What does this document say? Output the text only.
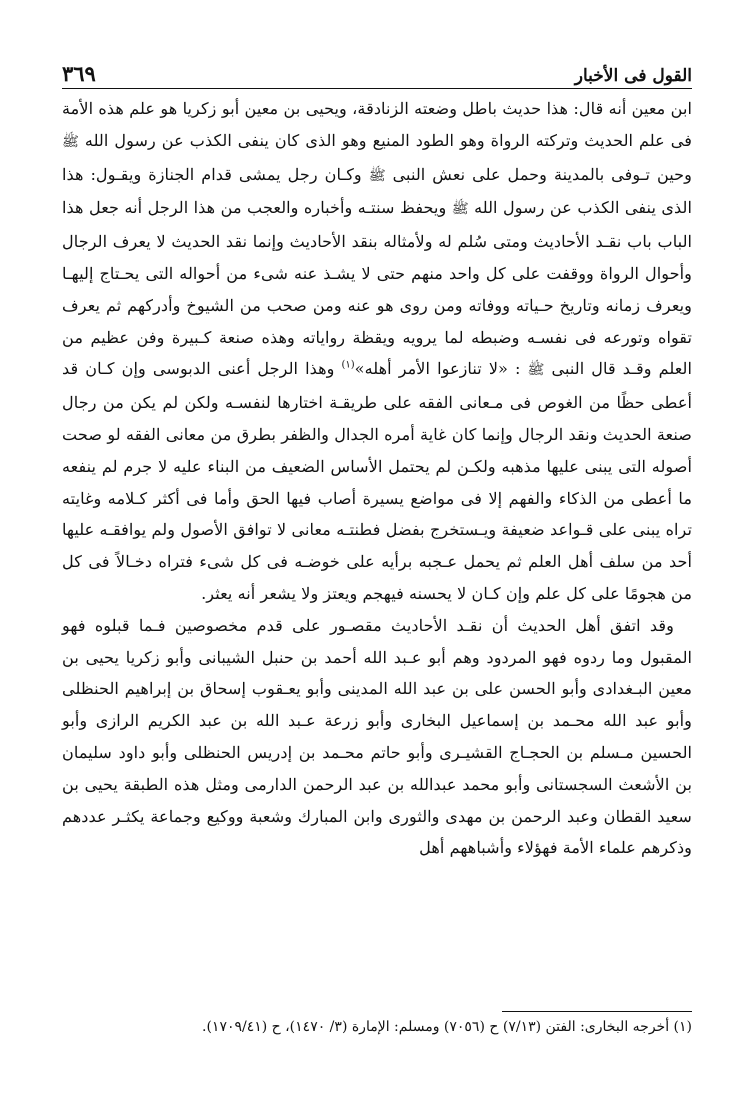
القول فى الأخبار
٣٦٩

ابن معين أنه قال: هذا حديث باطل وضعته الزنادقة، ويحيى بن معين أبو زكريا هو علم هذه الأمة فى علم الحديث وتركته الرواة وهو الطود المنيع وهو الذى كان ينفى الكذب عن رسول الله ﷺ وحين تـوفى بالمدينة وحمل على نعش النبى ﷺ وكـان رجل يمشى قدام الجنازة ويقـول: هذا الذى ينفى الكذب عن رسول الله ﷺ ويحفظ سنتـه وأخباره والعجب من هذا الرجل أنه جعل هذا الباب باب نقـد الأحاديث ومتى سُلم له ولأمثاله بنقد الأحاديث وإنما نقد الحديث لا يعرف الرجال وأحوال الرواة ووقفت على كل واحد منهم حتى لا يشـذ عنه شىء من أحواله التى يحـتاج إليهـا ويعرف زمانه وتاريخ حـياته ووفاته ومن روى هو عنه ومن صحب من الشيوخ وأدركهم ثم يعرف تقواه وتورعه فى نفسـه وضبطه لما يرويه ويقظة رواياته وهذه صنعة كـبيرة وفن عظيم من العلم وقـد قال النبى ﷺ : «لا تنازعوا الأمر أهله»$^{(١)}$ وهذا الرجل أعنى الدبوسى وإن كـان قد أعطى حظًا من الغوص فى مـعانى الفقه على طريقـة اختارها لنفسـه ولكن لم يكن من رجال صنعة الحديث ونقد الرجال وإنما كان غاية أمره الجدال والظفر بطرق من معانى الفقه لو صحت أصوله التى يبنى عليها مذهبه ولكـن لم يحتمل الأساس الضعيف من البناء عليه لا جرم لم ينفعه ما أعطى من الذكاء والفهم إلا فى مواضع يسيرة أصاب فيها الحق وأما فى أكثر كـلامه وغايته تراه يبنى على قـواعد ضعيفة ويـستخرج بفضل فطنتـه معانى لا توافق الأصول ولم يوافقـه عليها أحد من سلف أهل العلم ثم يحمل عـجبه برأيه على خوضـه فى كل شىء فتراه دخـالاً فى كل من هجومًا على كل علم وإن كـان لا يحسنه فيهجم ويعتز ولا يشعر أنه يعثر.

وقد اتفق أهل الحديث أن نقـد الأحاديث مقصـور على قدم مخصوصين فـما قبلوه فهو المقبول وما ردوه فهو المردود وهم أبو عـبد الله أحمد بن حنبل الشيبانى وأبو زكريا يحيى بن معين البـغدادى وأبو الحسن على بن عبد الله المدينى وأبو يعـقوب إسحاق بن إبراهيم الحنظلى وأبو عبد الله محـمد بن إسماعيل البخارى وأبو زرعة عـبد الله بن عبد الكريم الرازى وأبو الحسين مـسلم بن الحجـاج القشيـرى وأبو حاتم محـمد بن إدريس الحنظلى وأبو داود سليمان بن الأشعث السجستانى وأبو محمد عبدالله بن عبد الرحمن الدارمى ومثل هذه الطبقة يحيى بن سعيد القطان وعبد الرحمن بن مهدى والثورى وابن المبارك وشعبة ووكيع وجماعة يكثـر عددهم وذكرهم علماء الأمة فهؤلاء وأشباههم أهل

(١) أخرجه البخارى: الفتن (٧/١٣) ح (٧٠٥٦) ومسلم: الإمارة (٣/ ١٤٧٠)، ح (١٧٠٩/٤١).
